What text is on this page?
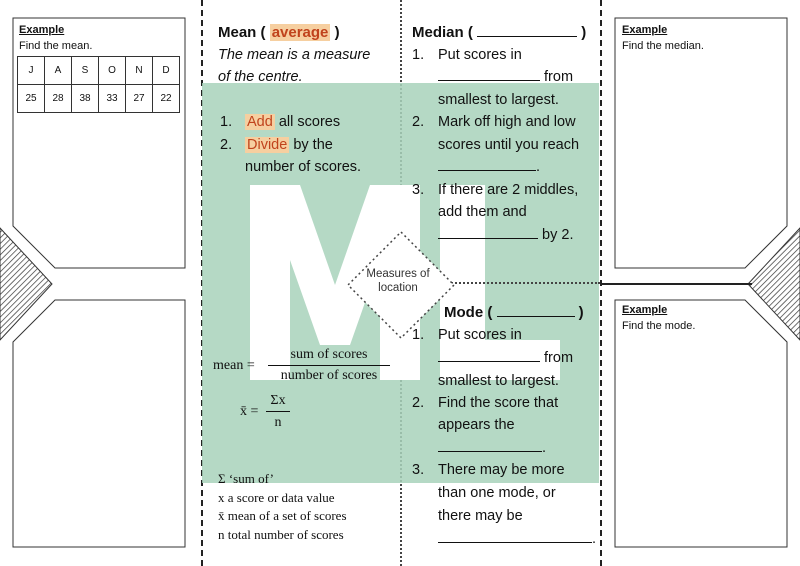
Measures of
location
Example
Find the mean.
J	A	S	O	N	D
25	28	38	33	27	22
Example
Find the median.
Example
Find the mode.
Mean ( average )
The mean is a measure
of the centre.
1. Add all scores
2. Divide by the
number of scores.
mean =
sum of scores
number of scores
x̄ = $\frac{\Sigma x}{n}$
Σ ‘sum of’
x a score or data value
x̄ mean of a set of scores
n total number of scores
Median (	)
1. Put scores in
from
smallest to largest.
2. Mark off high and low
scores until you reach
.
3. If there are 2 middles,
add them and
by 2.
Mode (	)
1. Put scores in
from
smallest to largest.
2. Find the score that
appears the
.
3. There may be more
than one mode, or
there may be
.
